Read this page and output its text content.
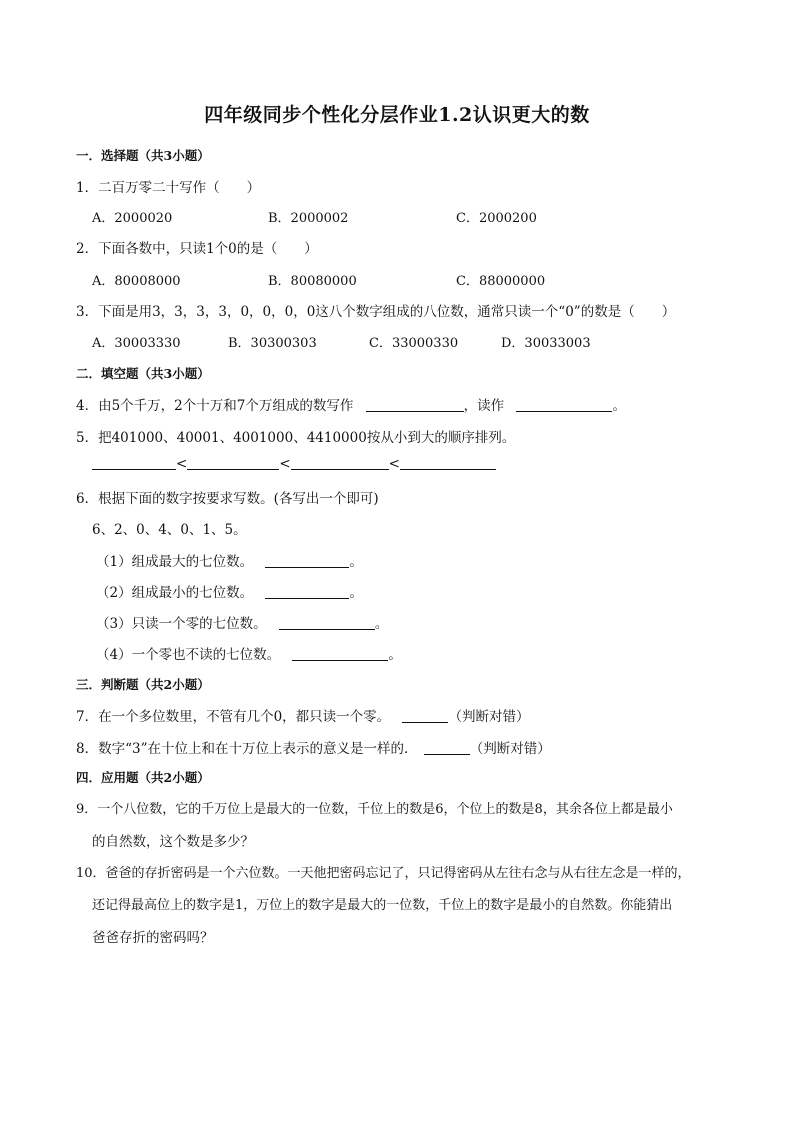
四年级同步个性化分层作业1.2认识更大的数
一．选择题（共3小题）
1．二百万零二十写作（　　）
A．2000020	B．2000002	C．2000200
2．下面各数中，只读1个0的是（　　）
A．80008000	B．80080000	C．88000000
3．下面是用3，3，3，3，0，0，0，0这八个数字组成的八位数，通常只读一个“0”的数是（　　）
A．30003330	B．30300303	C．33000330	D．30033003
二．填空题（共3小题）
4．由5个千万，2个十万和7个万组成的数写作	，读作	。
5．把401000、40001、4001000、4410000按从小到大的顺序排列。
<	<	<
6．根据下面的数字按要求写数。(各写出一个即可)
6、2、0、4、0、1、5。
（1）组成最大的七位数。	。
（2）组成最小的七位数。	。
（3）只读一个零的七位数。	。
（4）一个零也不读的七位数。	。
三．判断题（共2小题）
7．在一个多位数里，不管有几个0，都只读一个零。	（判断对错）
8．数字“3”在十位上和在十万位上表示的意义是一样的．	（判断对错）
四．应用题（共2小题）
9．一个八位数，它的千万位上是最大的一位数，千位上的数是6，个位上的数是8，其余各位上都是最小
的自然数，这个数是多少？
10．爸爸的存折密码是一个六位数。一天他把密码忘记了，只记得密码从左往右念与从右往左念是一样的，
还记得最高位上的数字是1，万位上的数字是最大的一位数，千位上的数字是最小的自然数。你能猜出
爸爸存折的密码吗？
